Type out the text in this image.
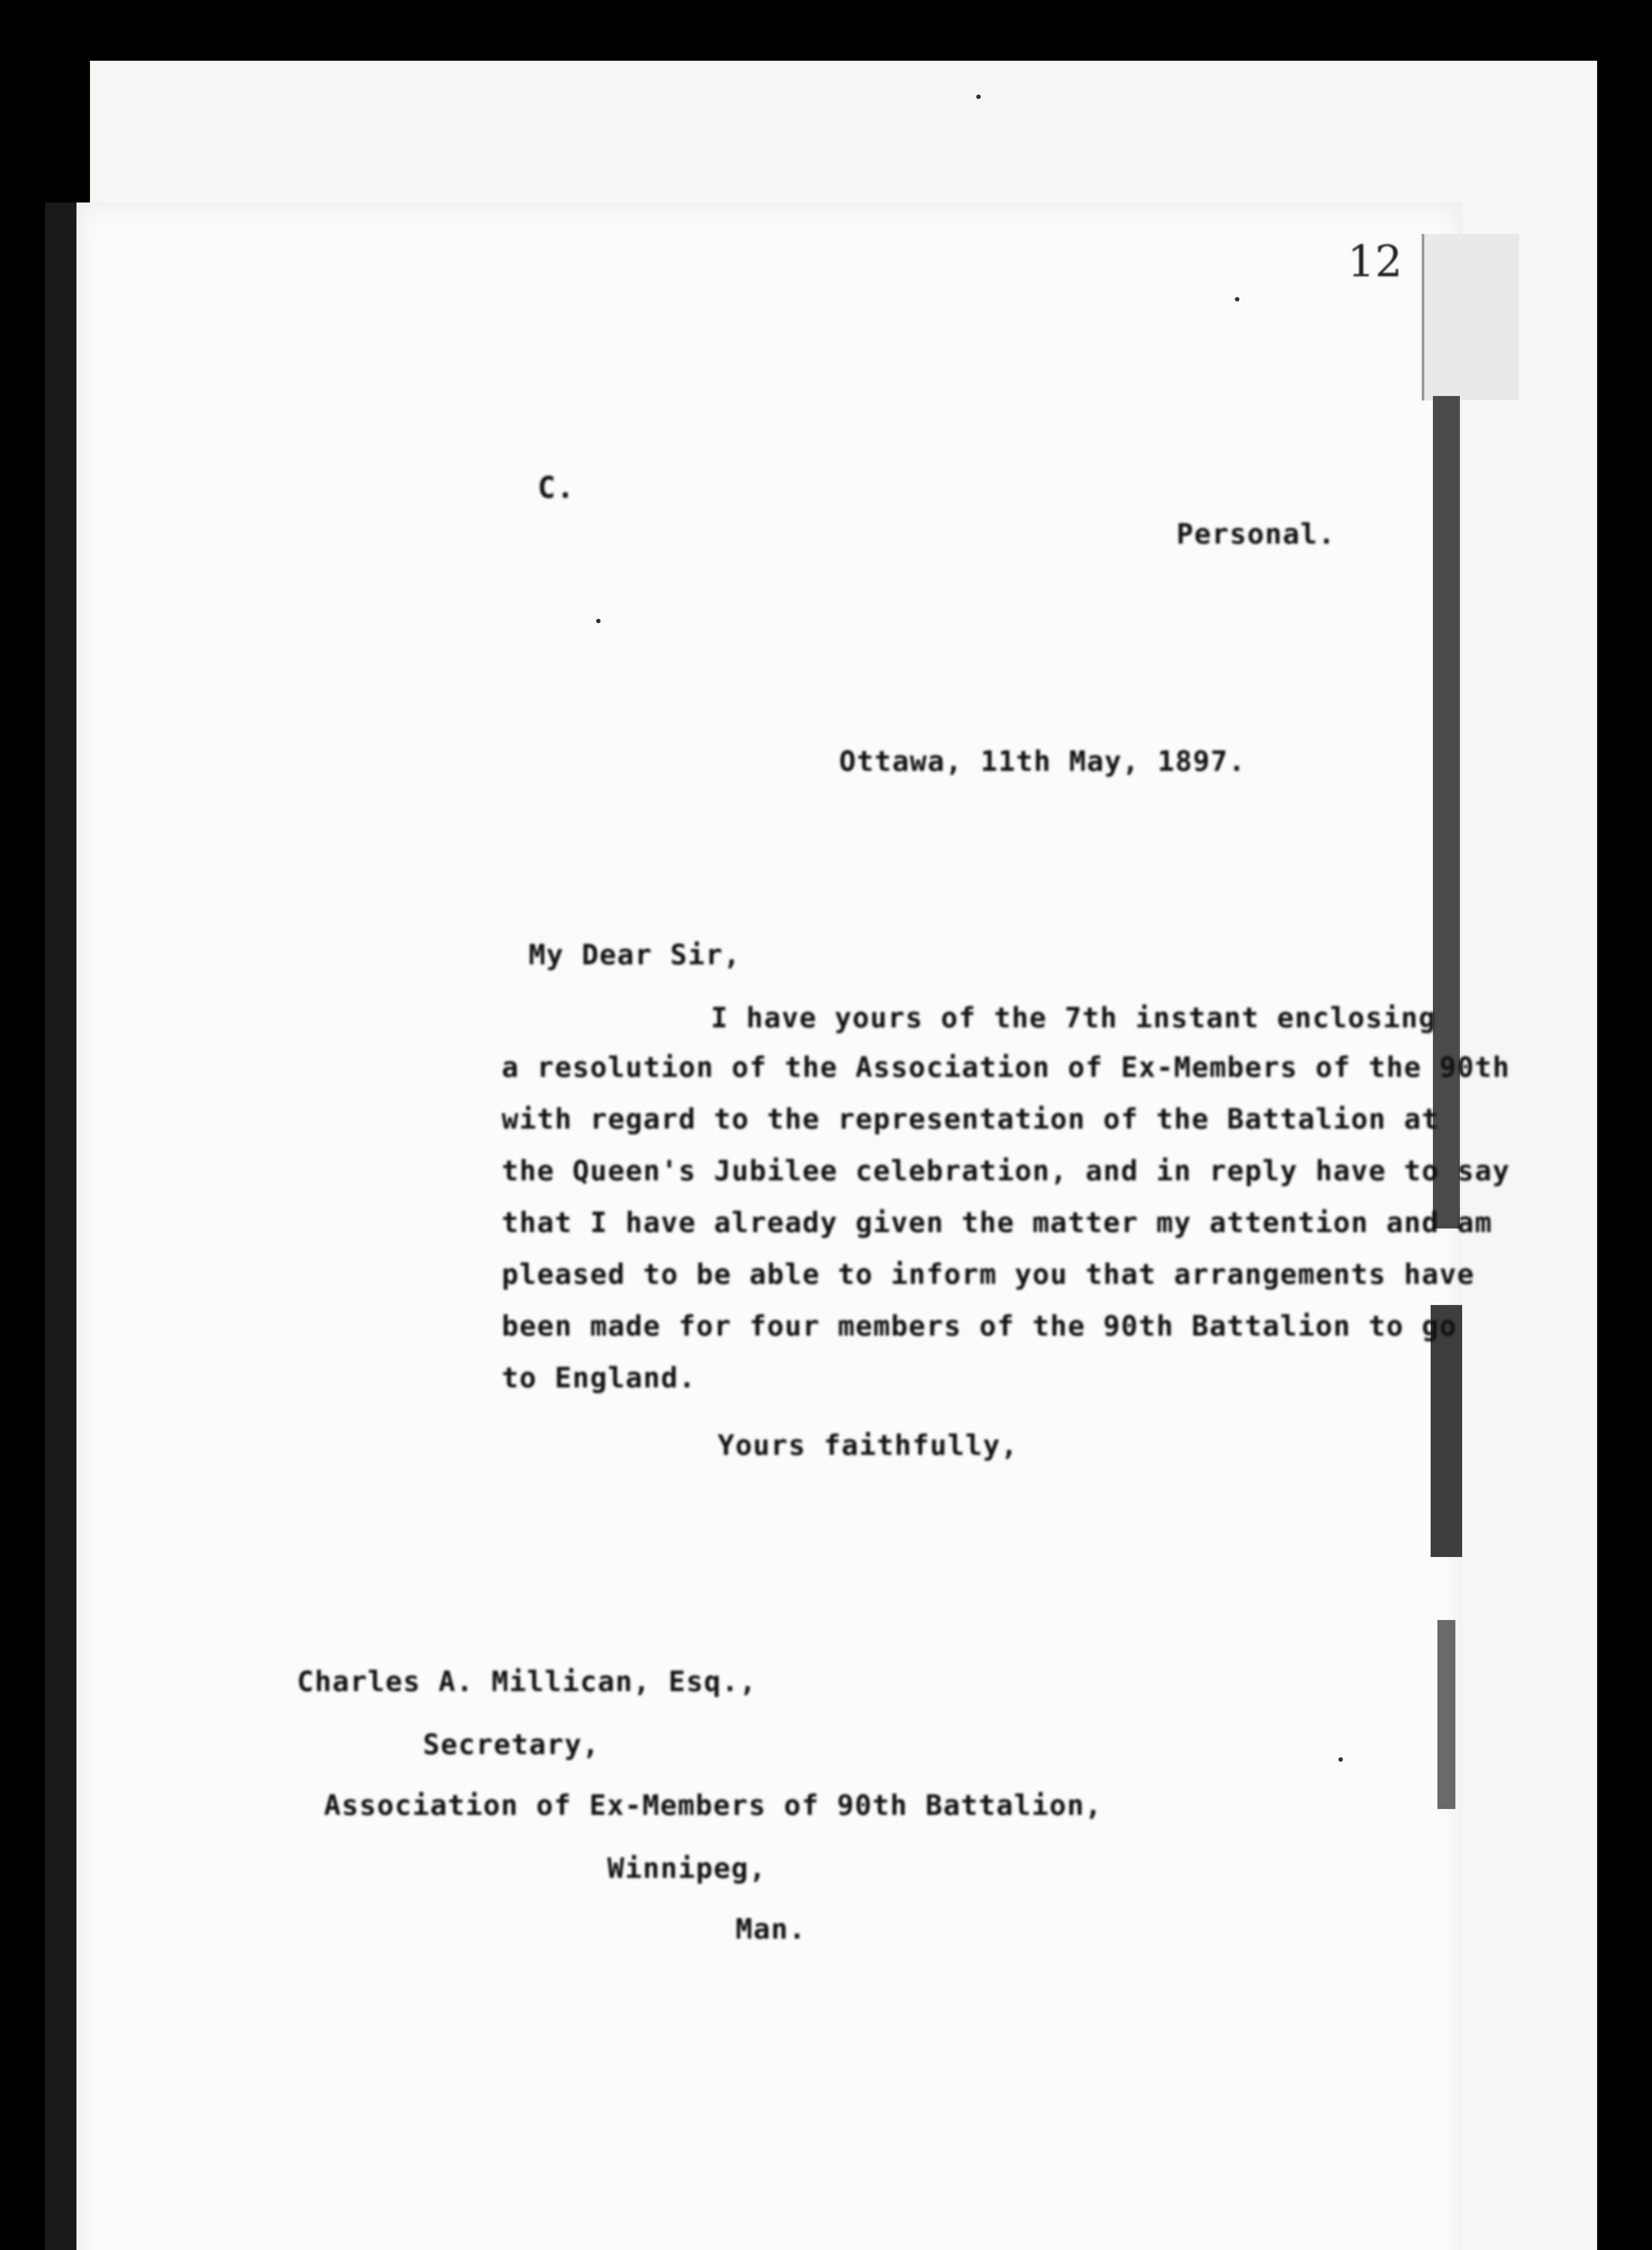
12
C.
Personal.
Ottawa, 11th May, 1897.
My Dear Sir,
I have yours of the 7th instant enclosing
a resolution of the Association of Ex-Members of the 90th
with regard to the representation of the Battalion at
the Queen's Jubilee celebration, and in reply have to say
that I have already given the matter my attention and am
pleased to be able to inform you that arrangements have
been made for four members of the 90th Battalion to go
to England.
Yours faithfully,
Charles A. Millican, Esq.,
Secretary,
Association of Ex-Members of 90th Battalion,
Winnipeg,
Man.
